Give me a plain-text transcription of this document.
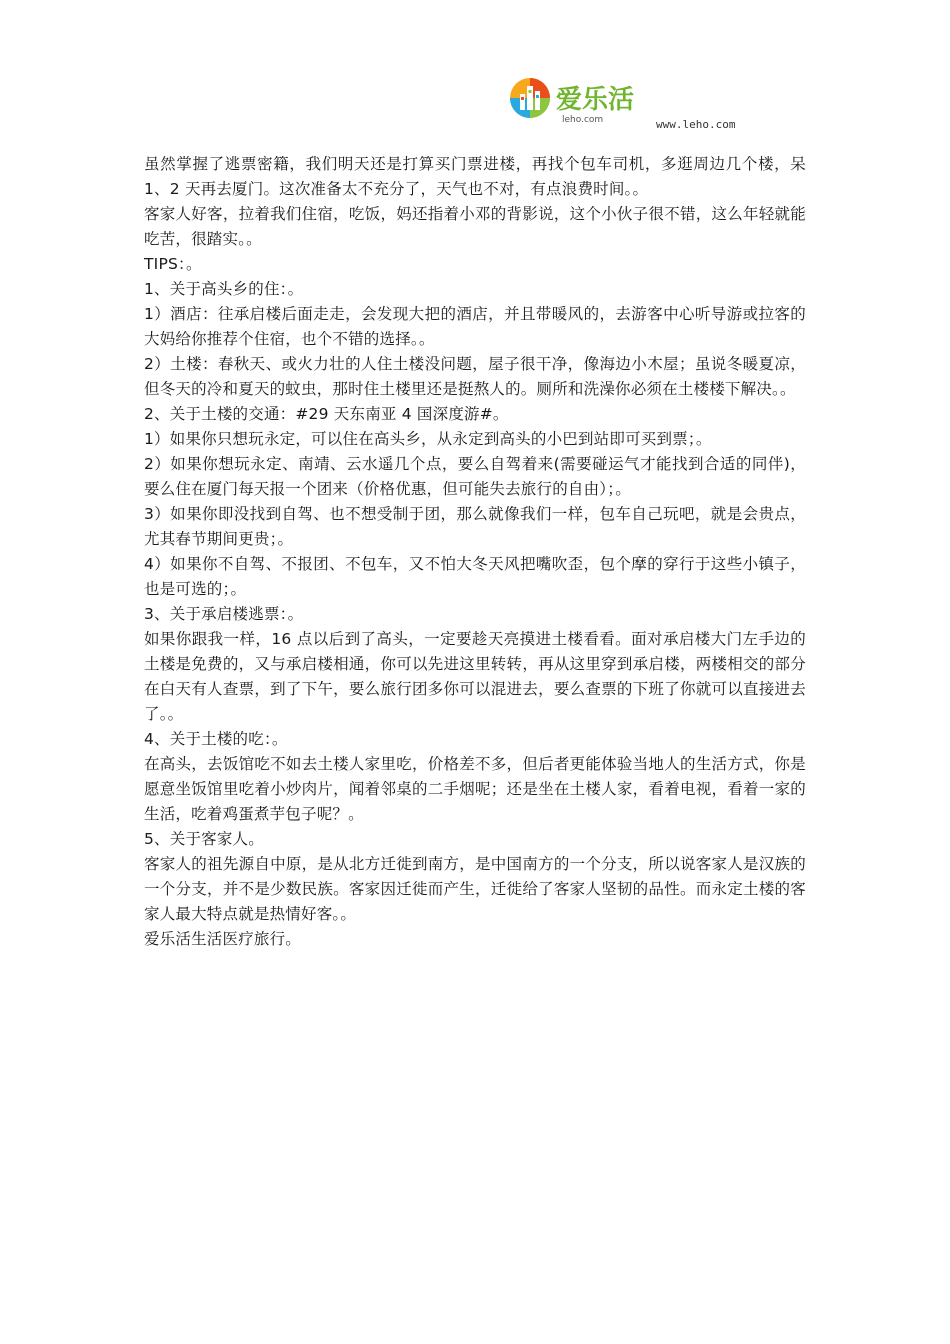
爱乐活
leho.com	www.leho.com

虽然掌握了逃票密籍，我们明天还是打算买门票进楼，再找个包车司机，多逛周边几个楼，呆 1、2 天再去厦门。这次准备太不充分了，天气也不对，有点浪费时间。。

客家人好客，拉着我们住宿，吃饭，妈还指着小邓的背影说，这个小伙子很不错，这么年轻就能吃苦，很踏实。。

TIPS：。

1、关于高头乡的住：。

1）酒店：往承启楼后面走走，会发现大把的酒店，并且带暖风的，去游客中心听导游或拉客的大妈给你推荐个住宿，也个不错的选择。。

2）土楼：春秋天、或火力壮的人住土楼没问题，屋子很干净，像海边小木屋；虽说冬暖夏凉，但冬天的冷和夏天的蚊虫，那时住土楼里还是挺熬人的。厕所和洗澡你必须在土楼楼下解决。。

2、关于土楼的交通：#29 天东南亚 4 国深度游#。

1）如果你只想玩永定，可以住在高头乡，从永定到高头的小巴到站即可买到票；。

2）如果你想玩永定、南靖、云水遥几个点，要么自驾着来(需要碰运气才能找到合适的同伴)，要么住在厦门每天报一个团来（价格优惠，但可能失去旅行的自由）；。

3）如果你即没找到自驾、也不想受制于团，那么就像我们一样，包车自己玩吧，就是会贵点，尤其春节期间更贵；。

4）如果你不自驾、不报团、不包车，又不怕大冬天风把嘴吹歪，包个摩的穿行于这些小镇子，也是可选的；。

3、关于承启楼逃票：。

如果你跟我一样，16 点以后到了高头，一定要趁天亮摸进土楼看看。面对承启楼大门左手边的土楼是免费的，又与承启楼相通，你可以先进这里转转，再从这里穿到承启楼，两楼相交的部分在白天有人查票，到了下午，要么旅行团多你可以混进去，要么查票的下班了你就可以直接进去了。。

4、关于土楼的吃：。

在高头，去饭馆吃不如去土楼人家里吃，价格差不多，但后者更能体验当地人的生活方式，你是愿意坐饭馆里吃着小炒肉片，闻着邻桌的二手烟呢；还是坐在土楼人家，看着电视，看着一家的生活，吃着鸡蛋煮芋包子呢？。

5、关于客家人。

客家人的祖先源自中原，是从北方迁徙到南方，是中国南方的一个分支，所以说客家人是汉族的一个分支，并不是少数民族。客家因迁徙而产生，迁徙给了客家人坚韧的品性。而永定土楼的客家人最大特点就是热情好客。。

爱乐活生活医疗旅行。
